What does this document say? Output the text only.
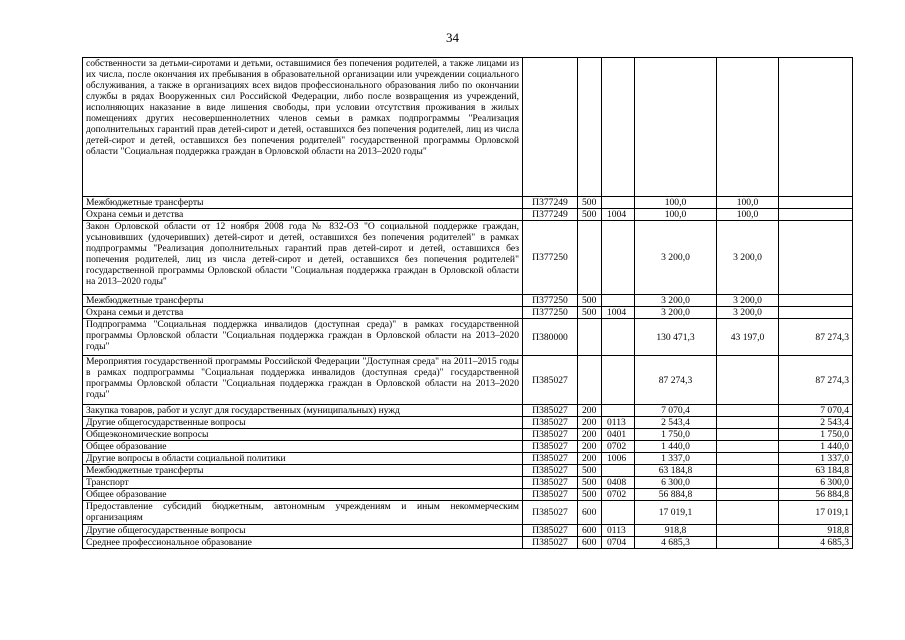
34
собственности за детьми-сиротами и детьми, оставшимися без попечения родителей, а также лицами из их числа, после окончания их пребывания в образовательной организации или учреждении социального обслуживания, а также в организациях всех видов профессионального образования либо по окончании службы в рядах Вооруженных сил Российской Федерации, либо после возвращения из учреждений, исполняющих наказание в виде лишения свободы, при условии отсутствия проживания в жилых помещениях других несовершеннолетних членов семьи в рамках подпрограммы "Реализация дополнительных гарантий прав детей-сирот и детей, оставшихся без попечения родителей, лиц из числа детей-сирот и детей, оставшихся без попечения родителей" государственной программы Орловской области "Социальная поддержка граждан в Орловской области на 2013–2020 годы"						
Межбюджетные трансферты	П377249	500		100,0	100,0	
Охрана семьи и детства	П377249	500	1004	100,0	100,0	
Закон Орловской области от 12 ноября 2008 года № 832-ОЗ "О социальной поддержке граждан, усыновивших (удочеривших) детей-сирот и детей, оставшихся без попечения родителей" в рамках подпрограммы "Реализация дополнительных гарантий прав детей-сирот и детей, оставшихся без попечения родителей, лиц из числа детей-сирот и детей, оставшихся без попечения родителей" государственной программы Орловской области "Социальная поддержка граждан в Орловской области на 2013–2020 годы"	П377250			3 200,0	3 200,0	
Межбюджетные трансферты	П377250	500		3 200,0	3 200,0	
Охрана семьи и детства	П377250	500	1004	3 200,0	3 200,0	
Подпрограмма "Социальная поддержка инвалидов (доступная среда)" в рамках государственной программы Орловской области "Социальная поддержка граждан в Орловской области на 2013–2020 годы"	П380000			130 471,3	43 197,0	87 274,3
Мероприятия государственной программы Российской Федерации "Доступная среда" на 2011–2015 годы в рамках подпрограммы "Социальная поддержка инвалидов (доступная среда)" государственной программы Орловской области "Социальная поддержка граждан в Орловской области на 2013–2020 годы"	П385027			87 274,3		87 274,3
Закупка товаров, работ и услуг для государственных (муниципальных) нужд	П385027	200		7 070,4		7 070,4
Другие общегосударственные вопросы	П385027	200	0113	2 543,4		2 543,4
Общеэкономические вопросы	П385027	200	0401	1 750,0		1 750,0
Общее образование	П385027	200	0702	1 440,0		1 440,0
Другие вопросы в области социальной политики	П385027	200	1006	1 337,0		1 337,0
Межбюджетные трансферты	П385027	500		63 184,8		63 184,8
Транспорт	П385027	500	0408	6 300,0		6 300,0
Общее образование	П385027	500	0702	56 884,8		56 884,8
Предоставление субсидий бюджетным, автономным учреждениям и иным некоммерческим организациям	П385027	600		17 019,1		17 019,1
Другие общегосударственные вопросы	П385027	600	0113	918,8		918,8
Среднее профессиональное образование	П385027	600	0704	4 685,3		4 685,3
